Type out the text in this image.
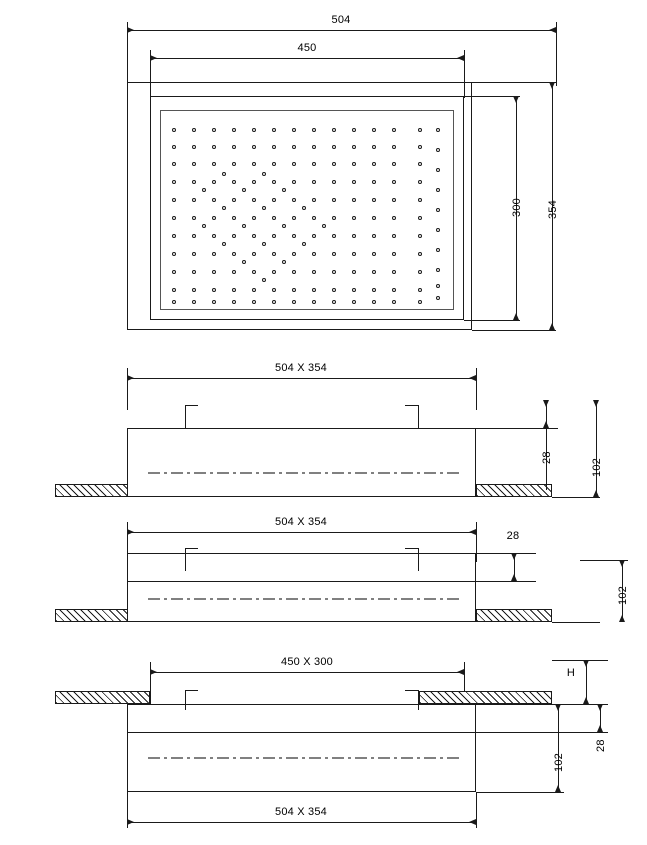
504
450
354
300
504 X 354
28
102
504 X 354
28
102
450 X 300
H
28
102
504 X 354
